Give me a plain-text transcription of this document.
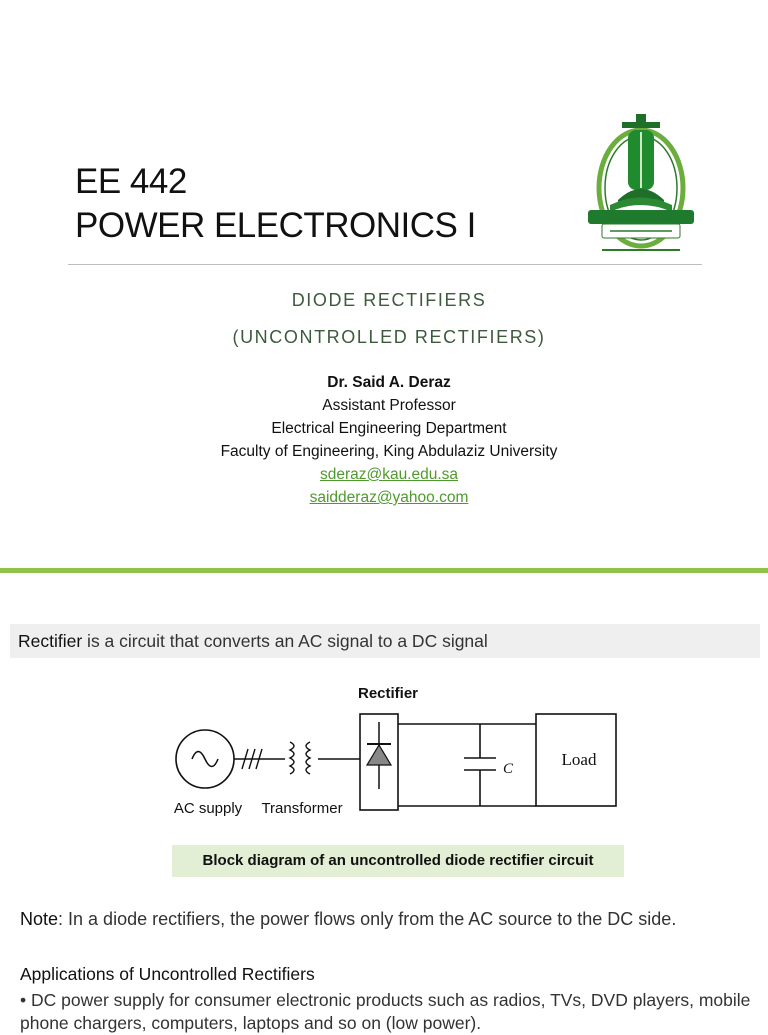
EE 442
POWER ELECTRONICS I
DIODE RECTIFIERS
(UNCONTROLLED RECTIFIERS)
Dr. Said A. Deraz
Assistant Professor
Electrical Engineering Department
Faculty of Engineering, King Abdulaziz University
sderaz@kau.edu.sa
saidderaz@yahoo.com
Rectifier is a circuit that converts an AC signal to a DC signal
Rectifier
C	Load
AC supply Transformer
Block diagram of an uncontrolled diode rectifier circuit
Note: In a diode rectifiers, the power flows only from the AC source to the DC side.
Applications of Uncontrolled Rectifiers
• DC power supply for consumer electronic products such as radios, TVs, DVD players, mobile phone chargers, computers, laptops and so on (low power).
